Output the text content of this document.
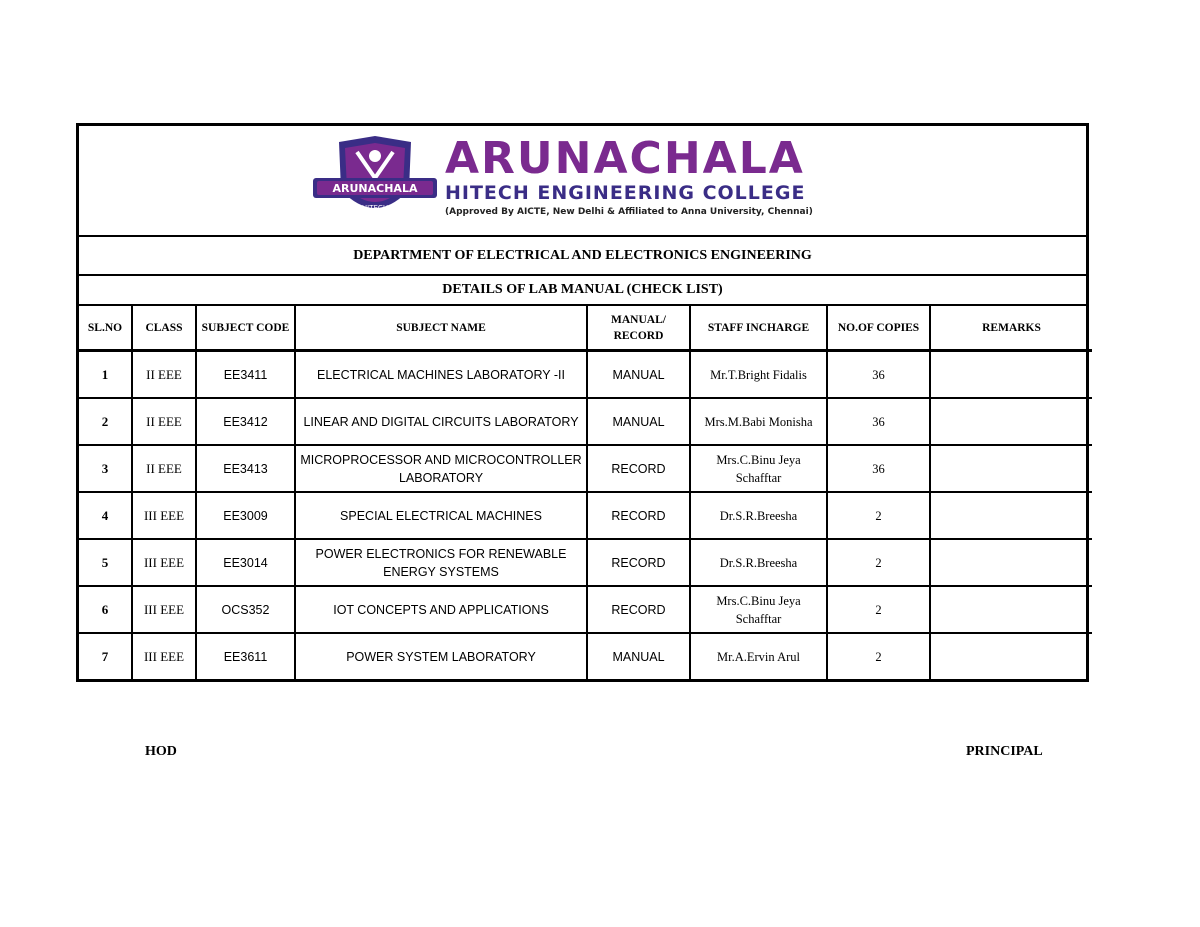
ARUNACHALA
HITECH
ARUNACHALA
HITECH ENGINEERING COLLEGE
(Approved By AICTE, New Delhi & Affiliated to Anna University, Chennai)
DEPARTMENT OF ELECTRICAL AND ELECTRONICS ENGINEERING
DETAILS OF LAB MANUAL (CHECK LIST)
SL.NO	CLASS	SUBJECT CODE	SUBJECT NAME	MANUAL/ RECORD	STAFF INCHARGE	NO.OF COPIES	REMARKS
1	II EEE	EE3411	ELECTRICAL MACHINES LABORATORY -II	MANUAL	Mr.T.Bright Fidalis	36	
2	II EEE	EE3412	LINEAR AND DIGITAL CIRCUITS LABORATORY	MANUAL	Mrs.M.Babi Monisha	36	
3	II EEE	EE3413	MICROPROCESSOR AND MICROCONTROLLER LABORATORY	RECORD	Mrs.C.Binu Jeya Schafftar	36	
4	III EEE	EE3009	SPECIAL ELECTRICAL MACHINES	RECORD	Dr.S.R.Breesha	2	
5	III EEE	EE3014	POWER ELECTRONICS FOR RENEWABLE ENERGY SYSTEMS	RECORD	Dr.S.R.Breesha	2	
6	III EEE	OCS352	IOT CONCEPTS AND APPLICATIONS	RECORD	Mrs.C.Binu Jeya Schafftar	2	
7	III EEE	EE3611	POWER SYSTEM LABORATORY	MANUAL	Mr.A.Ervin Arul	2	
HOD	PRINCIPAL
